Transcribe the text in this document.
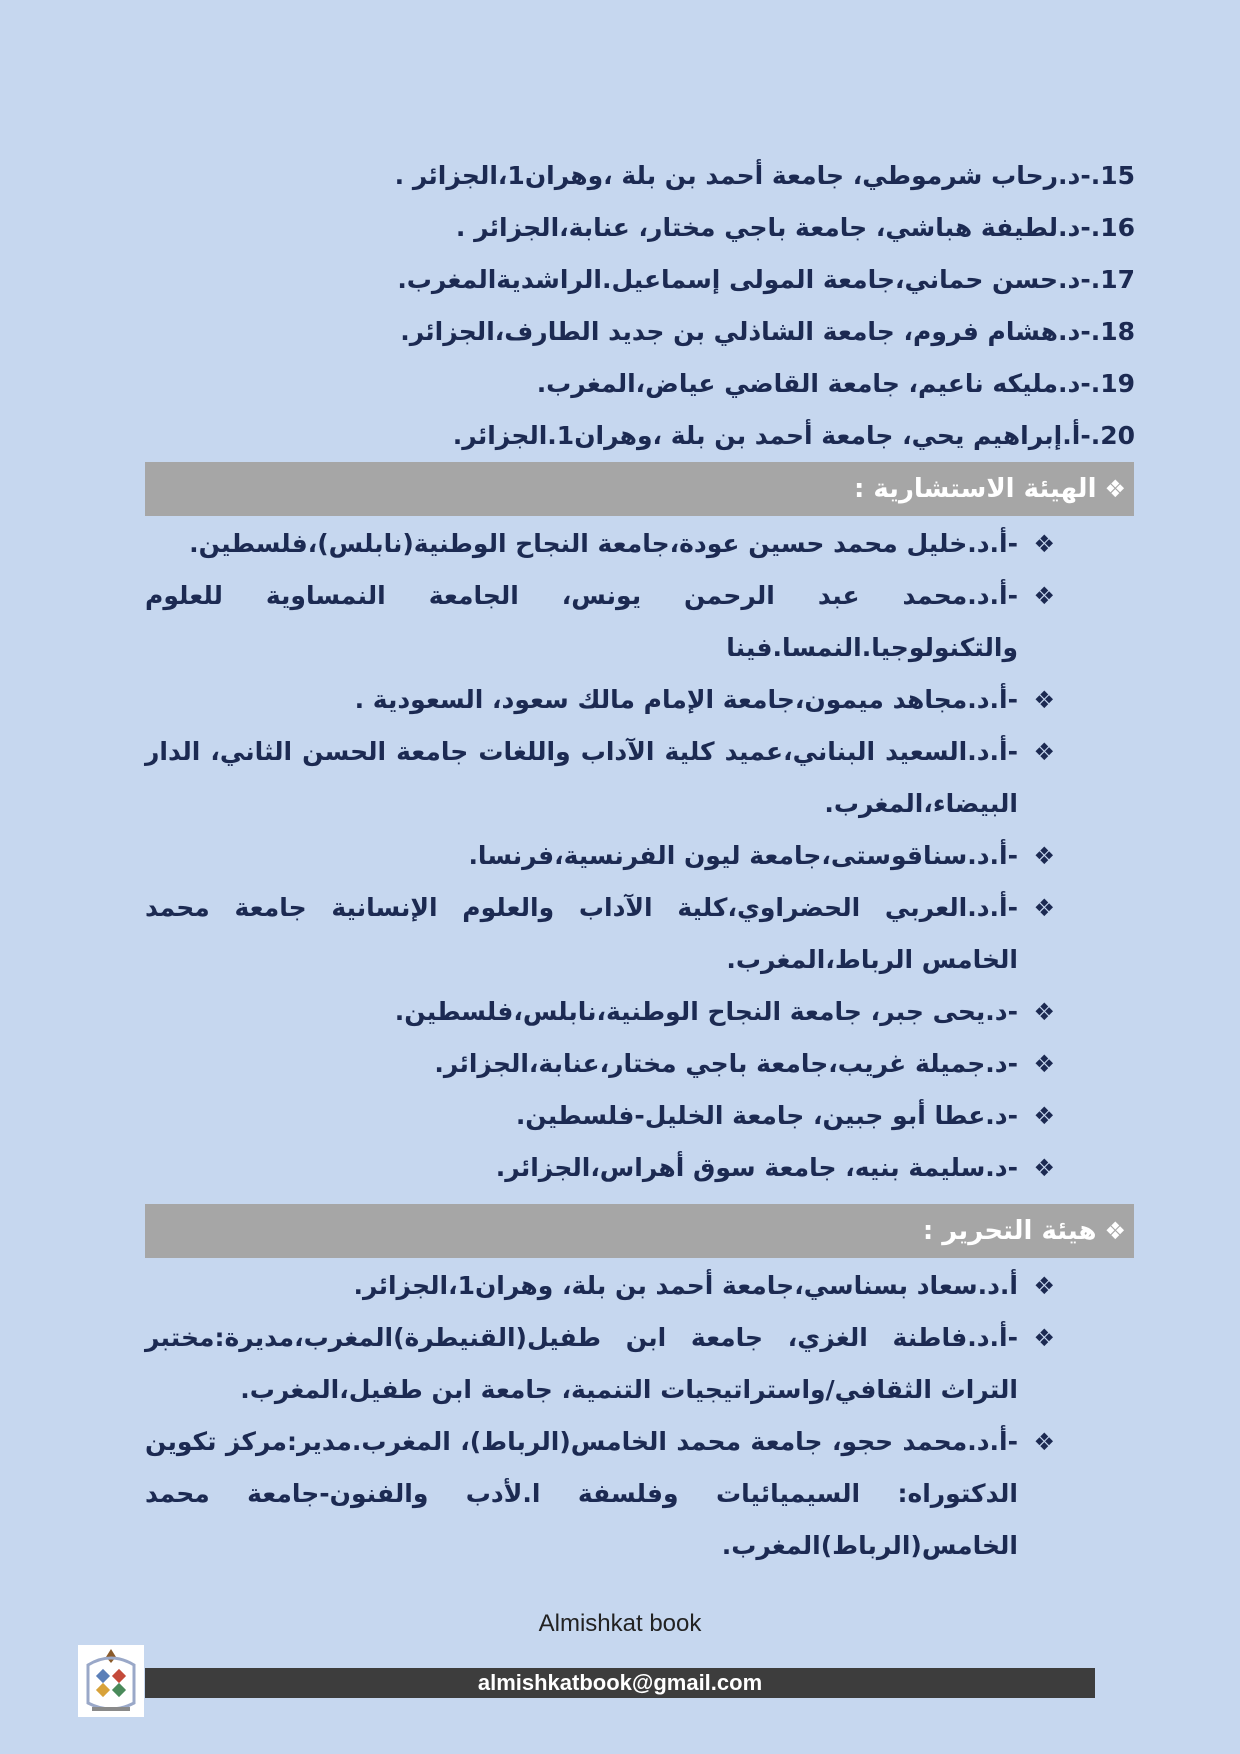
15.-د.رحاب شرموطي، جامعة أحمد بن بلة ،وهران1،الجزائر .
16.-د.لطيفة هباشي، جامعة باجي مختار، عنابة،الجزائر .
17.-د.حسن حماني،جامعة المولى إسماعيل.الراشديةالمغرب.
18.-د.هشام فروم، جامعة الشاذلي بن جديد الطارف،الجزائر.
19.-د.مليكه ناعيم، جامعة القاضي عياض،المغرب.
20.-أ.إبراهيم يحي، جامعة أحمد بن بلة ،وهران1.الجزائر.
❖
الهيئة الاستشارية :
❖
-أ.د.خليل محمد حسين عودة،جامعة النجاح الوطنية(نابلس)،فلسطين.
❖
-أ.د.محمد عبد الرحمن يونس، الجامعة النمساوية للعلوم والتكنولوجيا.النمسا.فينا
❖
-أ.د.مجاهد ميمون،جامعة الإمام مالك سعود، السعودية .
❖
-أ.د.السعيد البناني،عميد كلية الآداب واللغات جامعة الحسن الثاني، الدار البيضاء،المغرب.
❖
-أ.د.سناقوستى،جامعة ليون الفرنسية،فرنسا.
❖
-أ.د.العربي الحضراوي،كلية الآداب والعلوم الإنسانية جامعة محمد الخامس الرباط،المغرب.
❖
-د.يحى جبر، جامعة النجاح الوطنية،نابلس،فلسطين.
❖
-د.جميلة غريب،جامعة باجي مختار،عنابة،الجزائر.
❖
-د.عطا أبو جبين، جامعة الخليل-فلسطين.
❖
-د.سليمة بنيه، جامعة سوق أهراس،الجزائر.
❖
هيئة التحرير :
❖
أ.د.سعاد بسناسي،جامعة أحمد بن بلة، وهران1،الجزائر.
❖
-أ.د.فاطنة الغزي، جامعة ابن طفيل(القنيطرة)المغرب،مديرة:مختبر التراث الثقافي/واستراتيجيات التنمية، جامعة ابن طفيل،المغرب.
❖
-أ.د.محمد حجو، جامعة محمد الخامس(الرباط)، المغرب.مدير:مركز تكوين الدكتوراه: السيميائيات وفلسفة ا.لأدب والفنون-جامعة محمد الخامس(الرباط)المغرب.
Almishkat book
almishkatbook@gmail.com
